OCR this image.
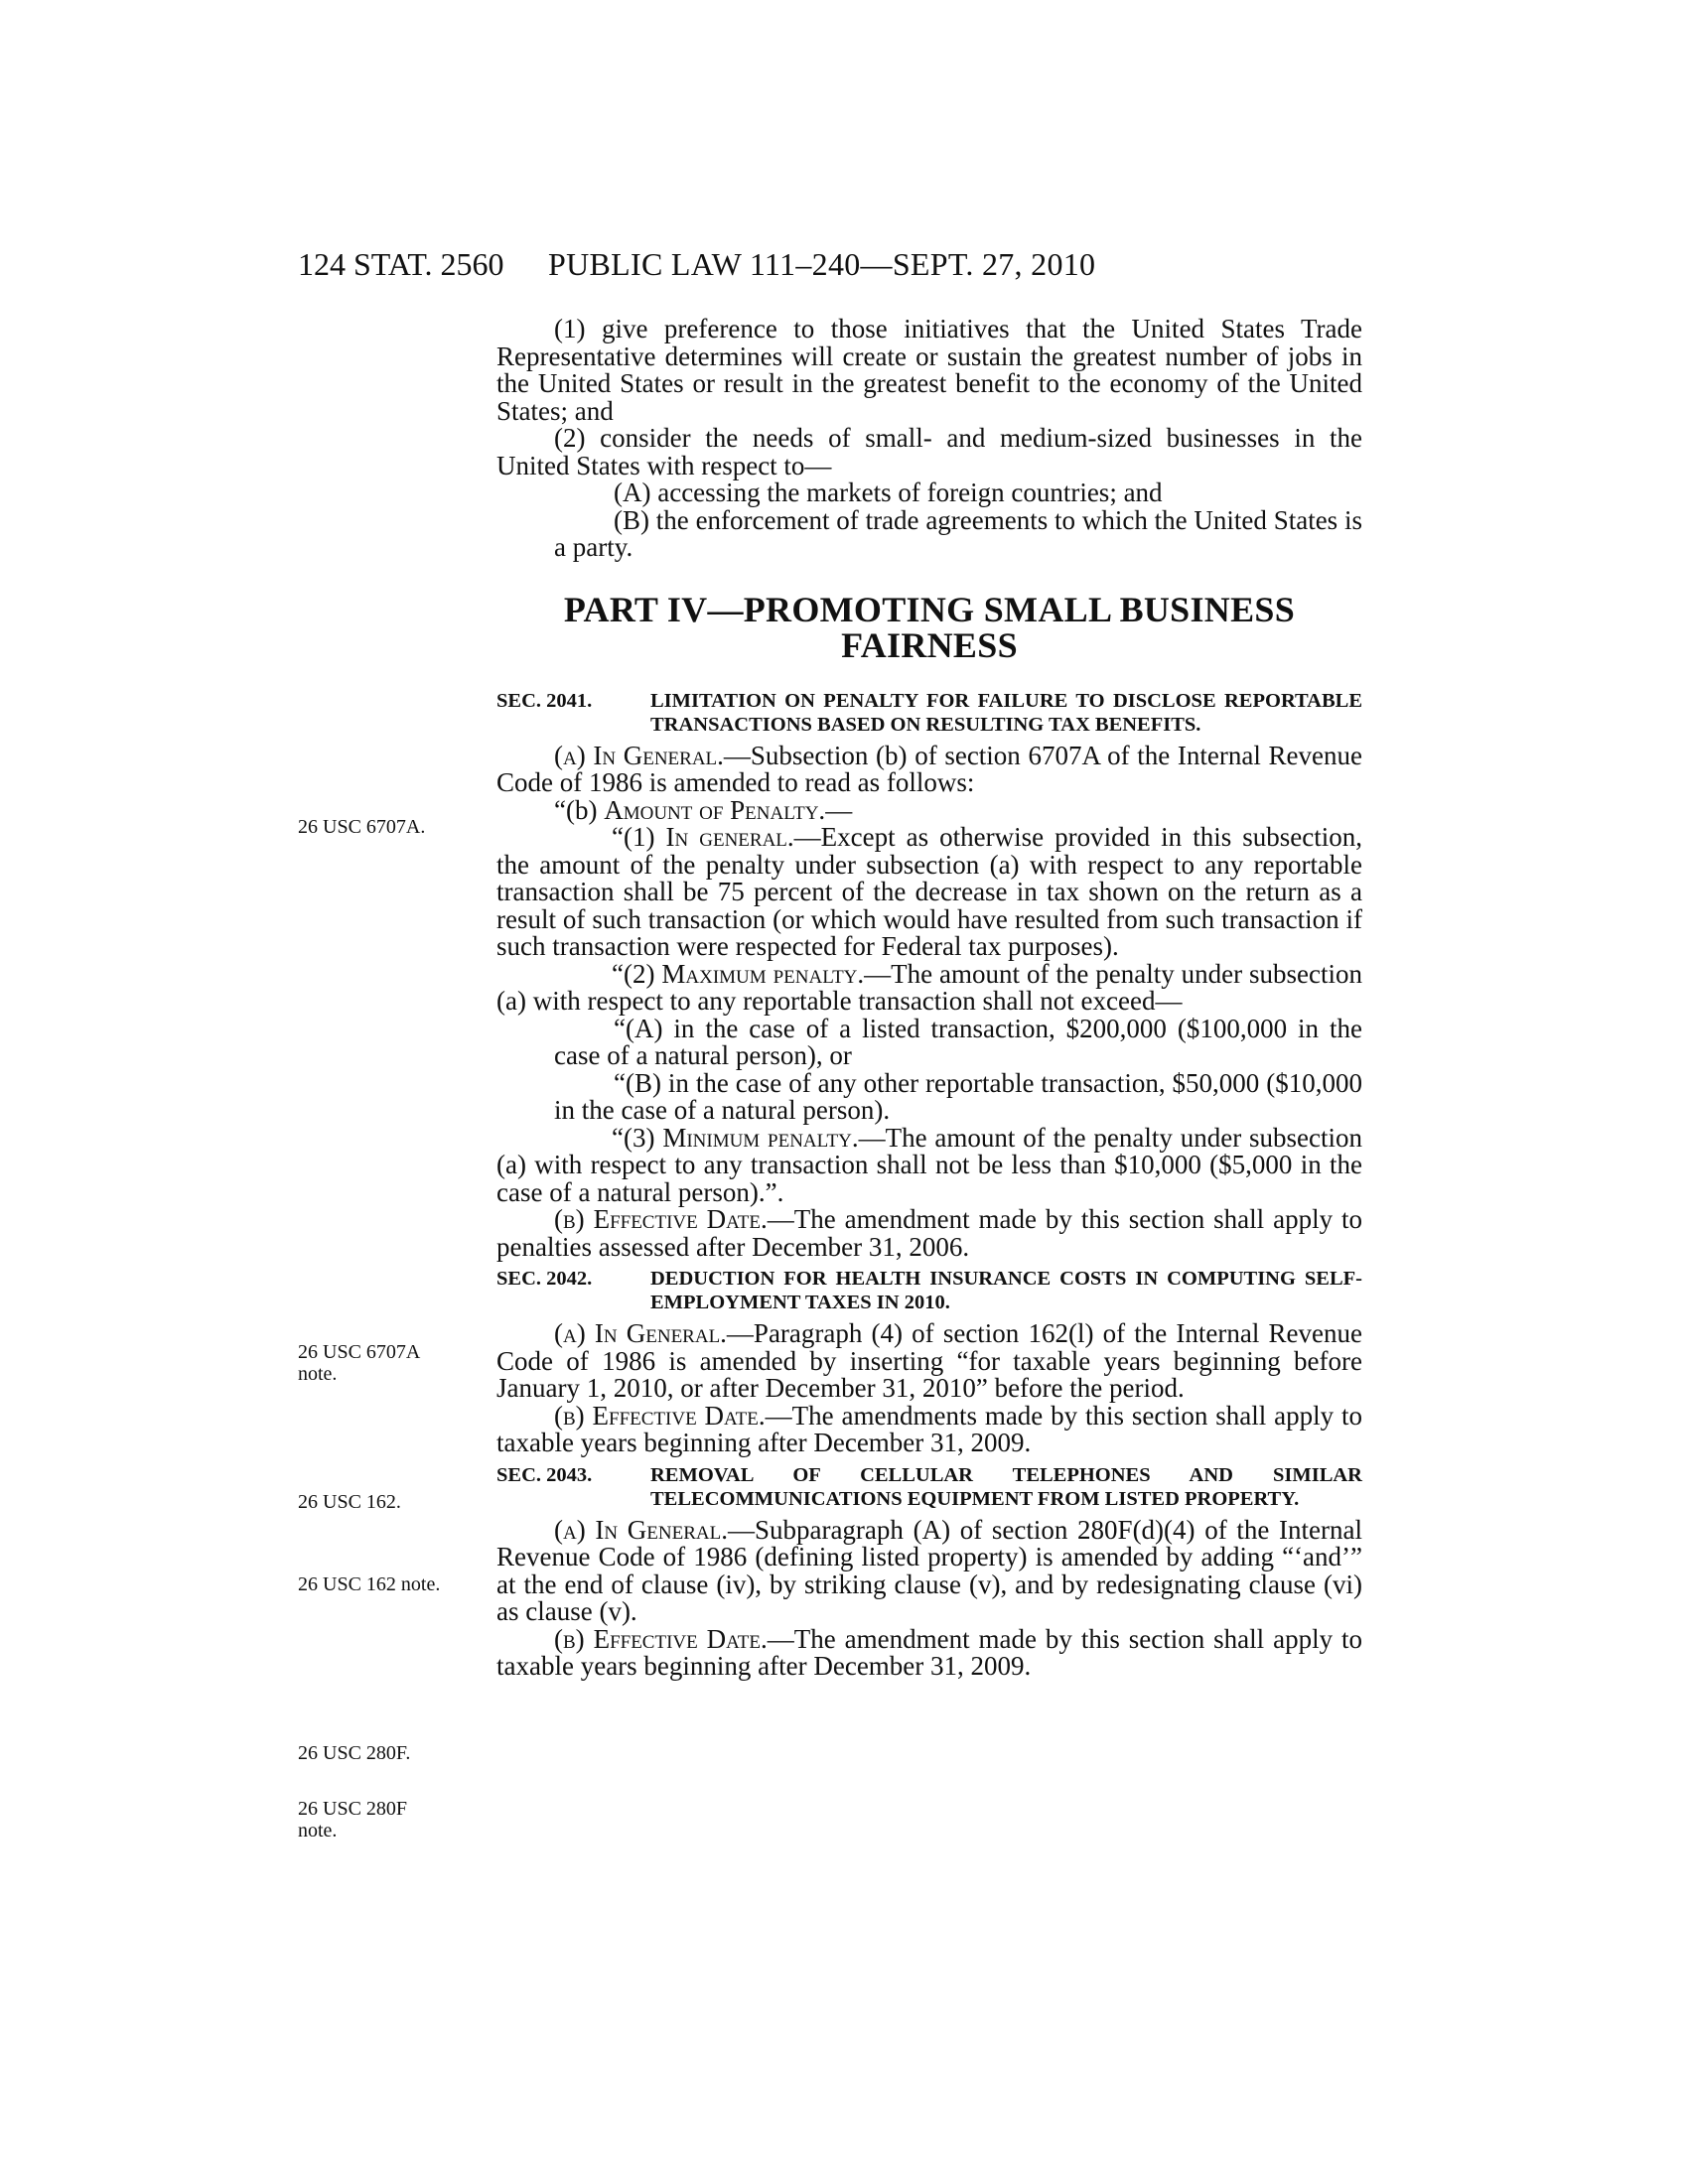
124 STAT. 2560 PUBLIC LAW 111–240—SEPT. 27, 2010

(1) give preference to those initiatives that the United States Trade Representative determines will create or sustain the greatest number of jobs in the United States or result in the greatest benefit to the economy of the United States; and

(2) consider the needs of small- and medium-sized businesses in the United States with respect to—

(A) accessing the markets of foreign countries; and

(B) the enforcement of trade agreements to which the United States is a party.

PART IV—PROMOTING SMALL BUSINESS
FAIRNESS
SEC. 2041.	LIMITATION ON PENALTY FOR FAILURE TO DISCLOSE REPORTABLE TRANSACTIONS BASED ON RESULTING TAX BENEFITS.

(a) In General.—Subsection (b) of section 6707A of the Internal Revenue Code of 1986 is amended to read as follows:

“(b) Amount of Penalty.—

“(1) In general.—Except as otherwise provided in this subsection, the amount of the penalty under subsection (a) with respect to any reportable transaction shall be 75 percent of the decrease in tax shown on the return as a result of such transaction (or which would have resulted from such transaction if such transaction were respected for Federal tax purposes).

“(2) Maximum penalty.—The amount of the penalty under subsection (a) with respect to any reportable transaction shall not exceed—

“(A) in the case of a listed transaction, $200,000 ($100,000 in the case of a natural person), or

“(B) in the case of any other reportable transaction, $50,000 ($10,000 in the case of a natural person).

“(3) Minimum penalty.—The amount of the penalty under subsection (a) with respect to any transaction shall not be less than $10,000 ($5,000 in the case of a natural person).”.

(b) Effective Date.—The amendment made by this section shall apply to penalties assessed after December 31, 2006.

SEC. 2042.	DEDUCTION FOR HEALTH INSURANCE COSTS IN COMPUTING SELF-EMPLOYMENT TAXES IN 2010.

(a) In General.—Paragraph (4) of section 162(l) of the Internal Revenue Code of 1986 is amended by inserting “for taxable years beginning before January 1, 2010, or after December 31, 2010” before the period.

(b) Effective Date.—The amendments made by this section shall apply to taxable years beginning after December 31, 2009.

SEC. 2043.	REMOVAL OF CELLULAR TELEPHONES AND SIMILAR TELECOMMUNICATIONS EQUIPMENT FROM LISTED PROPERTY.

(a) In General.—Subparagraph (A) of section 280F(d)(4) of the Internal Revenue Code of 1986 (defining listed property) is amended by adding “‘and’” at the end of clause (iv), by striking clause (v), and by redesignating clause (vi) as clause (v).

(b) Effective Date.—The amendment made by this section shall apply to taxable years beginning after December 31, 2009.

26 USC 6707A.
26 USC 6707A
note.
26 USC 162.
26 USC 162 note.
26 USC 280F.
26 USC 280F
note.
